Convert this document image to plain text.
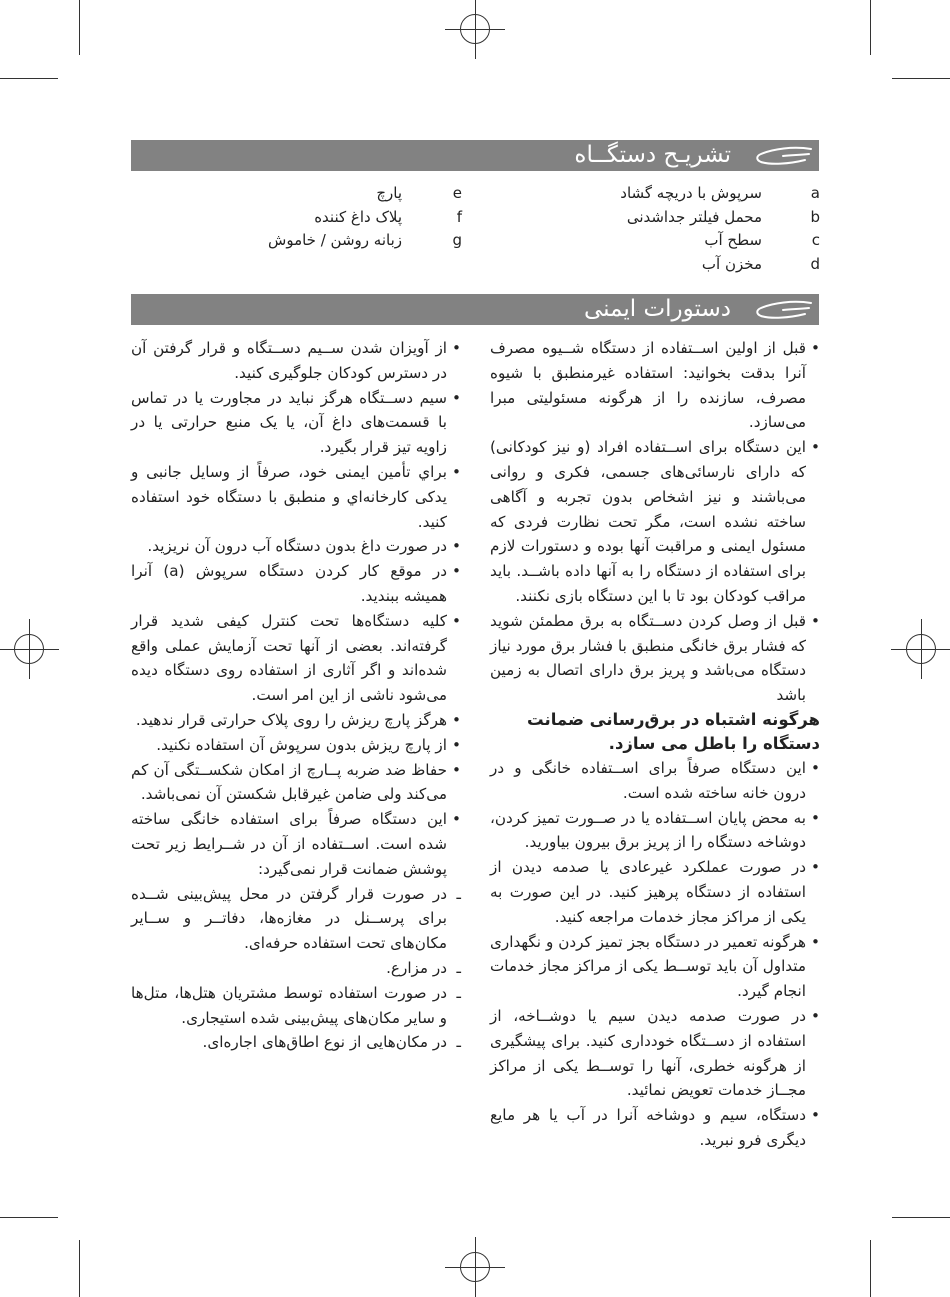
تشریـح دستگــاه
a
سرپوش با دریچه گشاد
b
محمل فیلتر جداشدنی
c
سطح آب
d
مخزن آب
e
پارچ
f
پلاک داغ کننده
g
زبانه روشن / خاموش
دستورات ایمنی

•
قبل از اولین اســتفاده از دستگاه شــیوه مصرف آنرا بدقت بخوانید: استفاده غیرمنطبق با شیوه مصرف، سازنده را از هرگونه مسئولیتی مبرا می‌سازد.

•
این دستگاه برای اســتفاده افراد (و نیز کودکانی) که دارای نارسائی‌های جسمی، فکری و روانی می‌باشند و نیز اشخاص بدون تجربه و آگاهی ساخته نشده است، مگر تحت نظارت فردی که مسئول ایمنی و مراقبت آنها بوده و دستورات لازم برای استفاده از دستگاه را به آنها داده باشــد. باید مراقب کودکان بود تا با این دستگاه بازی نکنند.

•
قبل از وصل کردن دســتگاه به برق مطمئن شوید که فشار برق خانگی منطبق با فشار برق مورد نیاز دستگاه می‌باشد و پریز برق دارای اتصال به زمین باشد

هرگونه اشتباه در برق‌رسانی ضمانت دستگاه را باطل می سازد.

•
این دستگاه صرفاً برای اســتفاده خانگی و در درون خانه ساخته شده است.

•
به محض پایان اســتفاده یا در صــورت تمیز کردن، دوشاخه دستگاه را از پریز برق بیرون بیاورید.

•
در صورت عملکرد غیرعادی یا صدمه دیدن از استفاده از دستگاه پرهیز کنید. در این صورت به یکی از مراکز مجاز خدمات مراجعه کنید.

•
هرگونه تعمیر در دستگاه بجز تمیز کردن و نگهداری متداول آن باید توســط یکی از مراکز مجاز خدمات انجام گیرد.

•
در صورت صدمه دیدن سیم یا دوشــاخه، از استفاده از دســتگاه خودداری کنید. برای پیشگیری از هرگونه خطری، آنها را توســط یکی از مراکز مجــاز خدمات تعویض نمائید.

•
دستگاه، سیم و دوشاخه آنرا در آب یا هر مایع دیگری فرو نبرید.

•
از آویزان شدن ســیم دســتگاه و قرار گرفتن آن در دسترس کودکان جلوگیری کنید.

•
سیم دســتگاه هرگز نباید در مجاورت یا در تماس با قسمت‌های داغ آن، یا یک منبع حرارتی یا در زاویه تیز قرار بگیرد.

•
براي تأمین ایمنی خود، صرفاً از وسایل جانبی و یدکی کارخانه‌اي و منطبق با دستگاه خود استفاده کنید.

•
در صورت داغ بدون دستگاه آب درون آن نریزید.

•
در موقع کار کردن دستگاه سرپوش (a) آنرا همیشه ببندید.

•
کلیه دستگاه‌ها تحت کنترل کیفی شدید قرار گرفته‌اند. بعضی از آنها تحت آزمایش عملی واقع شده‌اند و اگر آثاری از استفاده روی دستگاه دیده می‌شود ناشی از این امر است.

•
هرگز پارچ ریزش را روی پلاک حرارتی قرار ندهید.

•
از پارچ ریزش بدون سرپوش آن استفاده نکنید.

•
حفاظ ضد ضربه پــارچ از امکان شکســتگی آن کم می‌کند ولی ضامن غیرقابل شکستن آن نمی‌باشد.

•
این دستگاه صرفاً برای استفاده خانگی ساخته شده است. اســتفاده از آن در شــرایط زیر تحت پوشش ضمانت قرار نمی‌گیرد:

ـ
در صورت قرار گرفتن در محل پیش‌بینی شــده برای پرســنل در مغازه‌ها، دفاتــر و ســایر مکان‌های تحت استفاده حرفه‌ای.

ـ
در مزارع.

ـ
در صورت استفاده توسط مشتریان هتل‌ها، متل‌ها و سایر مکان‌های پیش‌بینی شده استیجاری.

ـ
در مکان‌هایی از نوع اطاق‌های اجاره‌ای.
